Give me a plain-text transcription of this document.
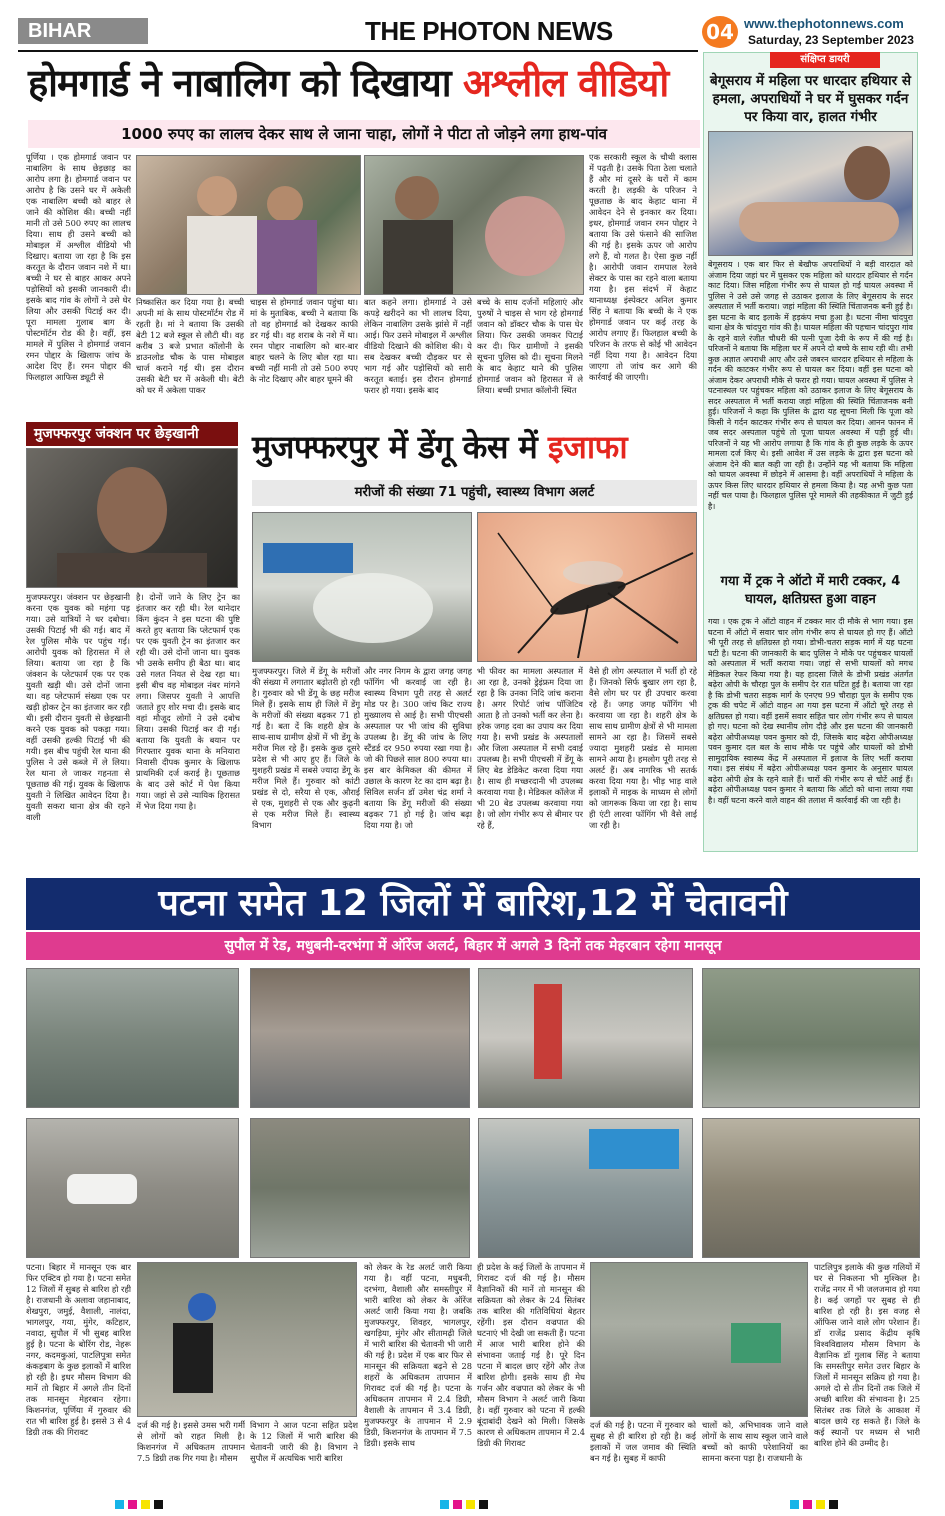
BIHAR	THE PHOTON NEWS	04 www.thephotonnews.com
Saturday, 23 September 2023
होमगार्ड ने नाबालिग को दिखाया अश्लील वीडियो
1000 रुपए का लालच देकर साथ ले जाना चाहा, लोगों ने पीटा तो जोड़ने लगा हाथ-पांव
पूर्णिया । एक होमगार्ड जवान पर नाबालिग के साथ छेड़छाड़ का आरोप लगा है। होमगार्ड जवान पर आरोप है कि उसने घर में अकेली एक नाबालिग बच्ची को बाहर ले जाने की कोशिश की। बच्ची नहीं मानी तो उसे 500 रुपए का लालच दिया। साथ ही उसने बच्ची को मोबाइल में अश्लील वीडियो भी दिखाए। बताया जा रहा है कि इस करतूत के दौरान जवान नशे में था। बच्ची ने घर से बाहर आकर अपने पड़ोसियों को इसकी जानकारी दी। इसके बाद गांव के लोगों ने उसे घेर लिया और उसकी पिटाई कर दी। पूरा मामला गुलाब बाग के पोस्टमॉर्टम रोड की है। वहीं, इस मामले में पुलिस ने होमगार्ड जवान रमन पोद्दार के खिलाफ जांच के आदेश दिए हैं। रमन पोद्दार की फिलहाल आफिस ड्यूटी से
निष्कासित कर दिया गया है। बच्ची अपनी मां के साथ पोस्टमॉर्टम रोड में रहती है। मां ने बताया कि उसकी बेटी 12 बजे स्कूल से लौटी थी। वह करीब 3 बजे प्रभात कॉलोनी के डाउनलोड चौक के पास मोबाइल चार्ज कराने गई थी। इस दौरान उसकी बेटी घर में अकेली थी। बेटी को घर में अकेला पाकर
चाइस से होमगार्ड जवान पहुंचा था। मां के मुताबिक, बच्ची ने बताया कि तो वह होमगार्ड को देखकर काफी डर गई थी। वह शराब के नशे में था। रमन पोद्दार नाबालिग को बार-बार बाहर चलने के लिए बोल रहा था। बच्ची नहीं मानी तो उसे 500 रुपए के नोट दिखाए और बाहर घूमने की
बात कहने लगा। होमगार्ड ने उसे कपड़े खरीदने का भी लालच दिया, लेकिन नाबालिग उसके झांसे में नहीं आई। फिर उसने मोबाइल में अश्लील वीडियो दिखाने की कोशिश की। ये सब देखकर बच्ची दौड़कर घर से भाग गई और पड़ोसियों को सारी करतूत बताई। इस दौरान होमगार्ड फरार हो गया। इसके बाद
बच्चे के साथ दर्जनों महिलाएं और पुरुषों ने चाइस से भाग रहे होमगार्ड जवान को डॉक्टर चौक के पास घेर लिया। फिर उसकी जमकर पिटाई कर दी। फिर ग्रामीणों ने इसकी सूचना पुलिस को दी। सूचना मिलने के बाद केहाट थाने की पुलिस होमगार्ड जवान को हिरासत में ले लिया। बच्ची प्रभात कॉलोनी स्थित
एक सरकारी स्कूल के चौथी क्लास में पढ़ती है। उसके पिता ठेला चलाते हैं और मां दूसरे के घरों में काम करती है। लड़की के परिजन ने पूछताछ के बाद केहाट थाना में आवेदन देने से इनकार कर दिया। इधर, होमगार्ड जवान रमन पोद्दार ने बताया कि उसे फंसाने की साजिश की गई है। इसके ऊपर जो आरोप लगे हैं, वो गलत है। ऐसा कुछ नहीं है। आरोपी जवान रामपाल रेलवे सेक्टर के पास का रहने वाला बताया गया है। इस संदर्भ में केहाट थानाध्यक्ष इंस्पेक्टर अनिल कुमार सिंह ने बताया कि बच्ची के ने एक होमगार्ड जवान पर कई तरह के आरोप लगाए हैं। फिलहाल बच्ची के परिजन के तरफ से कोई भी आवेदन नहीं दिया गया है। आवेदन दिया जाएगा तो जांच कर आगे की कार्रवाई की जाएगी।
संक्षिप्त डायरी
बेगूसराय में महिला पर धारदार हथियार से हमला, अपराधियों ने घर में घुसकर गर्दन पर किया वार, हालत गंभीर
बेगूसराय । एक बार फिर से बेखौफ अपराधियों ने बड़ी वारदात को अंजाम दिया जहां घर में घुसकर एक महिला को धारदार हथियार से गर्दन काट दिया। जिस महिला गंभीर रूप से घायल हो गई घायल अवस्था में पुलिस ने उसे उसे जगह से उठाकर इलाज के लिए बेगूसराय के सदर अस्पताल में भर्ती कराया। जहां महिला की स्थिति चिंताजनक बनी हुई है। इस घटना के बाद इलाके में हड़कंप मचा हुआ है। घटना नीमा चांदपुरा थाना क्षेत्र के चांदपुरा गांव की है। घायल महिला की पहचान चांदपुरा गांव के रहने वाले रंजीत चौधरी की पत्नी पूजा देवी के रूप में की गई है। परिजनों ने बताया कि महिला घर में अपने दो बच्चे के साथ रही थी। तभी कुछ अज्ञात अपराधी आए और उसे जबरन धारदार हथियार से महिला के गर्दन की काटकर गंभीर रूप से घायल कर दिया। वहीं इस घटना को अंजाम देकर अपराधी मौके से फरार हो गया। घायल अवस्था में पुलिस ने पटनास्थल पर पहुंचकर महिला को उठाकर इलाज के लिए बेगूसराय के सदर अस्पताल में भर्ती कराया जहां महिला की स्थिति चिंताजनक बनी हुई। परिजनों ने कहा कि पुलिस के द्वारा यह सूचना मिली कि पूजा को किसी ने गर्दन काटकर गंभीर रूप से घायल कर दिया। आनन फानन में जब सदर अस्पताल पहुंचे तो पूजा घायल अवस्था में पड़ी हुई थी। परिजनों ने यह भी आरोप लगाया है कि गांव के ही कुछ लड़के के ऊपर मामला दर्ज किए थे। इसी आवेश में उस लड़के के द्वारा इस घटना को अंजाम देने की बात कही जा रही है। उन्होंने यह भी बताया कि महिला को घायल अवस्था में छोड़ने में आसमा है। वहीं अपराधियों ने महिला के ऊपर किस लिए धारदार हथियार से हमला किया है। यह अभी कुछ पता नहीं चल पाया है। फिलहाल पुलिस पूरे मामले की तहकीकात में जुटी हुई है।
गया में ट्रक ने ऑटो में मारी टक्कर, 4 घायल, क्षतिग्रस्त हुआ वाहन
गया । एक ट्रक ने ऑटो वाहन में टक्कर मार दी मौके से भाग गया। इस घटना में ऑटो में सवार चार लोग गंभीर रूप से घायल हो गए हैं। ऑटो भी पूरी तरह से क्षतिग्रस्त हो गया। डोभी-चतरा सड़क मार्ग में यह घटना घटी है। घटना की जानकारी के बाद पुलिस ने मौके पर पहुंचकर घायलों को अस्पताल में भर्ती कराया गया। जहां से सभी घायलों को मगध मेडिकल रेफर किया गया है। यह हादसा जिले के डोभी प्रखंड अंतर्गत बढ़ेरा ओपी के चौरहा पुल के समीप देर रात घटित हुई है। बताया जा रहा है कि डोभी चतरा सड़क मार्ग के एनएच 99 चौराहा पुल के समीप एक ट्रक की चपेट में ऑटो वाहन आ गया इस घटना में ऑटो चूरे तरह से क्षतिग्रस्त हो गया। वहीं इसमें सवार सहित चार लोग गंभीर रूप से घायल हो गए। घटना को देख स्थानीय लोग दौड़े और इस घटना की जानकारी बढ़ेरा ओपीअध्यक्ष पवन कुमार को दी, जिसके बाद बढ़ेरा ओपीअध्यक्ष पवन कुमार दल बल के साथ मौके पर पहुंचे और घायलों को डोभी सामुदायिक स्वास्थ्य केंद्र में अस्पताल में इलाज के लिए भर्ती कराया गया। इस संबंध में बढ़ेरा ओपीअध्यक्ष पवन कुमार के अनुसार घायल बढ़ेरा ओपी क्षेत्र के रहने वाले हैं। चारों की गंभीर रूप से चोटें आई हैं। बढ़ेरा ओपीअध्यक्ष पवन कुमार ने बताया कि ऑटो को थाना लाया गया है। वहीं घटना करने वाले वाहन की तलाश में कार्रवाई की जा रही है।
मुजफ्फरपुर जंक्शन पर छेड़खानी
मुजफ्फरपुर। जंक्शन पर छेड़खानी करना एक युवक को महंगा पड़ गया। उसे यात्रियों ने धर दबोचा। उसकी पिटाई भी की गई। बाद में रेल पुलिस मौके पर पहुंच गई। आरोपी युवक को हिरासत में ले लिया। बताया जा रहा है कि जंक्शन के प्लेटफार्म एक पर एक युवती खड़ी थी। उसे दोनों जाना था। वह प्लेटफार्म संख्या एक पर खड़ी होकर ट्रेन का इंतजार कर रही थी। इसी दौरान युवती से छेड़खानी करने एक युवक को पकड़ा गया। वहीं उसकी हल्की पिटाई भी की गयी। इस बीच पहुंची रेल थाना की पुलिस ने उसे कब्जे में ले लिया। रेल थाना ले जाकर गहनता से पूछताछ की गई। युवक के खिलाफ युवती ने लिखित आवेदन दिया है। युवती सकरा थाना क्षेत्र की रहने वाली
है। दोनों जाने के लिए ट्रेन का इंतजार कर रही थी। रेल थानेदार किंग कुंदन ने इस घटना की पुष्टि करते हुए बताया कि प्लेटफार्म एक पर एक युवती ट्रेन का इंतजार कर रही थी। उसे दोनों जाना था। युवक भी उसके समीप ही बैठा था। बाद उसे गलत नियत से देख रहा था। इसी बीच वह मोबाइल नंबर मांगने लगा। जिसपर युवती ने आपत्ति जताते हुए शोर मचा दी। इसके बाद वहां मौजूद लोगों ने उसे दबोच लिया। उसकी पिटाई कर दी गई। बताया कि युवती के बयान पर गिरफ्तार युवक थाना के मनियारा निवासी दीपक कुमार के खिलाफ प्राथमिकी दर्ज कराई है। पूछताछ के बाद उसे कोर्ट में पेश किया गया। जहां से उसे न्यायिक हिरासत में भेज दिया गया है।
मुजफ्फरपुर में डेंगू केस में इजाफा
मरीजों की संख्या 71 पहुंची, स्वास्थ्य विभाग अलर्ट
मुजफ्फरपुर। जिले में डेंगू के मरीजों की संख्या में लगातार बढ़ोतरी हो रही है। गुरुवार को भी डेंगू के छह मरीज मिले हैं। इसके साथ ही जिले में डेंगू के मरीजों की संख्या बढ़कर 71 हो गई है। बता दें कि शहरी क्षेत्र के साथ-साथ ग्रामीण क्षेत्रों में भी डेंगू के मरीज मिल रहे हैं। इसके कुछ दूसरे प्रदेश से भी आए हुए हैं। जिले के मुशहरी प्रखंड में सबसे ज्यादा डेंगू के मरीज मिले हैं। गुरुवार को कांटी प्रखंड से दो, सरैया से एक, औराई से एक, मुशहरी से एक और कुढ़नी से एक मरीज मिले हैं। स्वास्थ्य विभाग
और नगर निगम के द्वारा जगह जगह फॉगिंग भी करवाई जा रही है। स्वास्थ्य विभाग पूरी तरह से अलर्ट मोड पर है। 300 जांच किट राज्य मुख्यालय से आई है। सभी पीएचसी अस्पताल पर भी जांच की सुविधा उपलब्ध है। डेंगू की जांच के लिए स्टैंडर्ड दर 950 रुपया रखा गया है। जो की पिछले साल 800 रुपया था। इस बार केमिकल की कीमत में उछाल के कारण रेट का दाम बढ़ा है। सिविल सर्जन डॉ उमेश चंद्र शर्मा ने बताया कि डेंगू मरीजों की संख्या बढ़कर 71 हो गई है। जांच बढ़ा दिया गया है। जो
भी फीवर का मामला अस्पताल में आ रहा है, उनको ड्रेइंफ्रम दिया जा रहा है कि उनका निदि जांच कराना है। अगर रिपोर्ट जांच पॉजिटिव आता है तो उनको भर्ती कर लेना है। हरेक जगह दवा का उपाय कर दिया गया है। सभी प्रखंड के अस्पतालों और जिला अस्पताल में सभी दवाई उपलब्ध है। सभी पीएचसी में डेंगू के लिए बेड डेडिकेट करवा दिया गया है। साथ ही मच्छरदानी भी उपलब्ध करवाया गया है। मेडिकल कॉलेज में भी 20 बेड उपलब्ध करवाया गया है। जो लोग गंभीर रूप से बीमार पर रहे हैं,
वैसे ही लोग अस्पताल में भर्ती हो रहे हैं। जिनको सिर्फ बुखार लग रहा है, वैसे लोग घर पर ही उपचार करवा रहे हैं। जगह जगह फॉगिंग भी करवाया जा रहा है। शहरी क्षेत्र के साथ साथ ग्रामीण क्षेत्रों से भी मामला सामने आ रहा है। जिसमें सबसे ज्यादा मुशहरी प्रखंड से मामला सामने आया है। हमलोग पूरी तरह से अलर्ट हैं। अब नागरिक भी सतर्क करवा दिया गया है। भीड़ भाड़ वाले इलाकों में माइक के माध्यम से लोगों को जागरूक किया जा रहा है। साथ ही एंटी लारवा फॉगिंग भी वैसे लाई जा रही है।
पटना समेत 12 जिलों में बारिश,12 में चेतावनी
सुपौल में रेड, मधुबनी-दरभंगा में ऑरेंज अलर्ट, बिहार में अगले 3 दिनों तक मेहरबान रहेगा मानसून
पटना। बिहार में मानसून एक बार फिर एक्टिव हो गया है। पटना समेत 12 जिलों में सुबह से बारिश हो रही है। राजधानी के अलावा जहानाबाद, शेखपुरा, जमुई, वैशाली, नालंदा, भागलपुर, गया, मुंगेर, कटिहार, नवादा, सुपौल में भी सुबह बारिश हुई है। पटना के बोरिंग रोड, नेहरू नगर, कदमकुआं, पाटलिपुत्रा समेत कंकड़बाग के कुछ इलाकों में बारिश हो रही है। इधर मौसम विभाग की मानें तो बिहार में अगले तीन दिनों तक मानसून मेहरबान रहेगा। किशनगंज, पूर्णिया में गुरुवार की रात भी बारिश हुई है। इससे 3 से 4 डिग्री तक की गिरावट
दर्ज की गई है। इससे उमस भरी गर्मी से लोगों को राहत मिली है। किशनगंज में अधिकतम तापमान 7.5 डिग्री तक गिर गया है। मौसम
विभाग ने आज पटना सहित प्रदेश के 12 जिलों में भारी बारिश की चेतावनी जारी की है। विभाग ने सुपौल में अत्यधिक भारी बारिश
को लेकर के रेड अलर्ट जारी किया गया है। वहीं पटना, मधुबनी, दरभंगा, वैशाली और समस्तीपुर में भारी बारिश को लेकर के ऑरेंज अलर्ट जारी किया गया है। जबकि मुजफ्फरपुर, शिवहर, भागलपुर, खगड़िया, मुंगेर और सीतामढ़ी जिले में भारी बारिश की चेतावनी भी जारी की गई है। प्रदेश में एक बार फिर से मानसून की सक्रियता बढ़ने से 28 शहरों के अधिकतम तापमान में गिरावट दर्ज की गई है। पटना के अधिकतम तापमान में 2.4 डिग्री, वैशाली के तापमान में 3.4 डिग्री, मुजफ्फरपुर के तापमान में 2.9 डिग्री, किशनगंज के तापमान में 7.5 डिग्री। इसके साथ
ही प्रदेश के कई जिलों के तापमान में गिरावट दर्ज की गई है। मौसम वैज्ञानिकों की मानें तो मानसून की सक्रियता को लेकर के 24 सितंबर तक बारिश की गतिविधियां बेहतर रहेंगी। इस दौरान वज्रपात की घटनाएं भी देखी जा सकती हैं। पटना में आज भारी बारिश होने की संभावना जताई गई है। पूरे दिन पटना में बादल छाए रहेंगे और तेज बारिश होगी। इसके साथ ही मेघ गर्जन और वज्रपात को लेकर के भी मौसम विभाग ने अलर्ट जारी किया है। वहीं गुरुवार को पटना में हल्की बूंदाबांदी देखने को मिली। जिसके कारण से अधिकतम तापमान में 2.4 डिग्री की गिरावट
दर्ज की गई है। पटना में गुरुवार को सुबह से ही बारिश हो रही है। कई इलाकों में जल जमाव की स्थिति बन गई है। सुबह में काफी
चालों को, अभिभावक जाने वाले लोगों के साथ साथ स्कूल जाने वाले बच्चों को काफी परेशानियों का सामना करना पड़ा है। राजधानी के
पाटलिपुत्र इलाके की कुछ गलियों में घर से निकलना भी मुश्किल है। राजेंद्र नगर में भी जलजमाव हो गया है। कई जगहों पर सुबह से ही बारिश हो रही है। इस वजह से ऑफिस जाने वाले लोग परेशान हैं। डॉ राजेंद्र प्रसाद केंद्रीय कृषि विश्वविद्यालय मौसम विभाग के वैज्ञानिक डॉ गुलाब सिंह ने बताया कि समस्तीपुर समेत उत्तर बिहार के जिलों में मानसून सक्रिय हो गया है। अगले दो से तीन दिनों तक जिले में अच्छी बारिश की संभावना है। 25 सितंबर तक जिले के आकाश में बादल छाये रह सकते हैं। जिले के कई स्थानों पर मध्यम से भारी बारिश होने की उम्मीद है।
